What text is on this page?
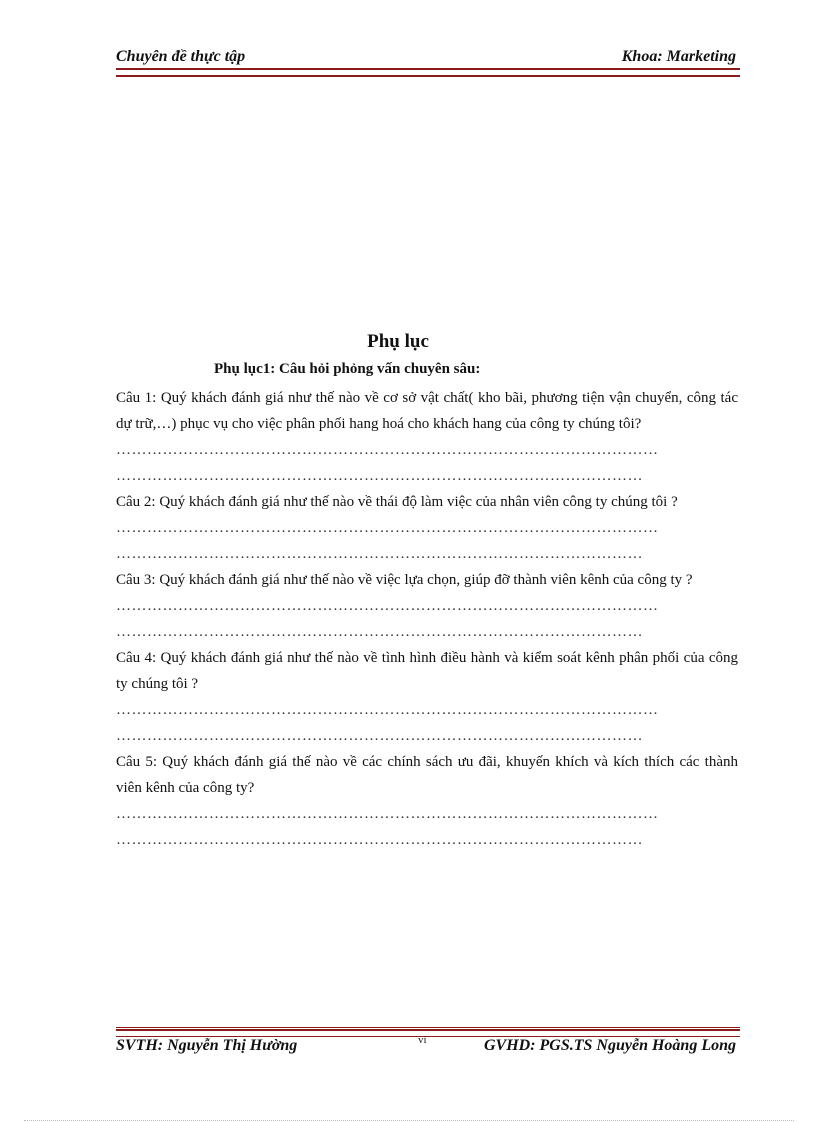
Chuyên đề thực tập	Khoa: Marketing
Phụ lục
Phụ lục1: Câu hỏi phỏng vấn chuyên sâu:

Câu 1: Quý khách đánh giá như thế nào về cơ sở vật chất( kho bãi, phương tiện vận chuyển, công tác dự trữ,…) phục vụ cho việc phân phối hang hoá cho khách hang của công ty chúng tôi?

……………………………………………………………………………………………

…………………………………………………………………………………………

Câu 2: Quý khách đánh giá như thế nào về thái độ làm việc của nhân viên công ty chúng tôi ?

……………………………………………………………………………………………

…………………………………………………………………………………………

Câu 3: Quý khách đánh giá như thế nào về việc lựa chọn, giúp đỡ thành viên kênh của công ty ?

……………………………………………………………………………………………

…………………………………………………………………………………………

Câu 4: Quý khách đánh giá như thế nào về tình hình điều hành và kiểm soát kênh phân phối của công ty chúng tôi ?

……………………………………………………………………………………………

…………………………………………………………………………………………

Câu 5: Quý khách đánh giá thế nào về các chính sách ưu đãi, khuyến khích và kích thích các thành viên kênh của công ty?

……………………………………………………………………………………………

…………………………………………………………………………………………

SVTH: Nguyễn Thị Hường	vi	GVHD: PGS.TS Nguyễn Hoàng Long
